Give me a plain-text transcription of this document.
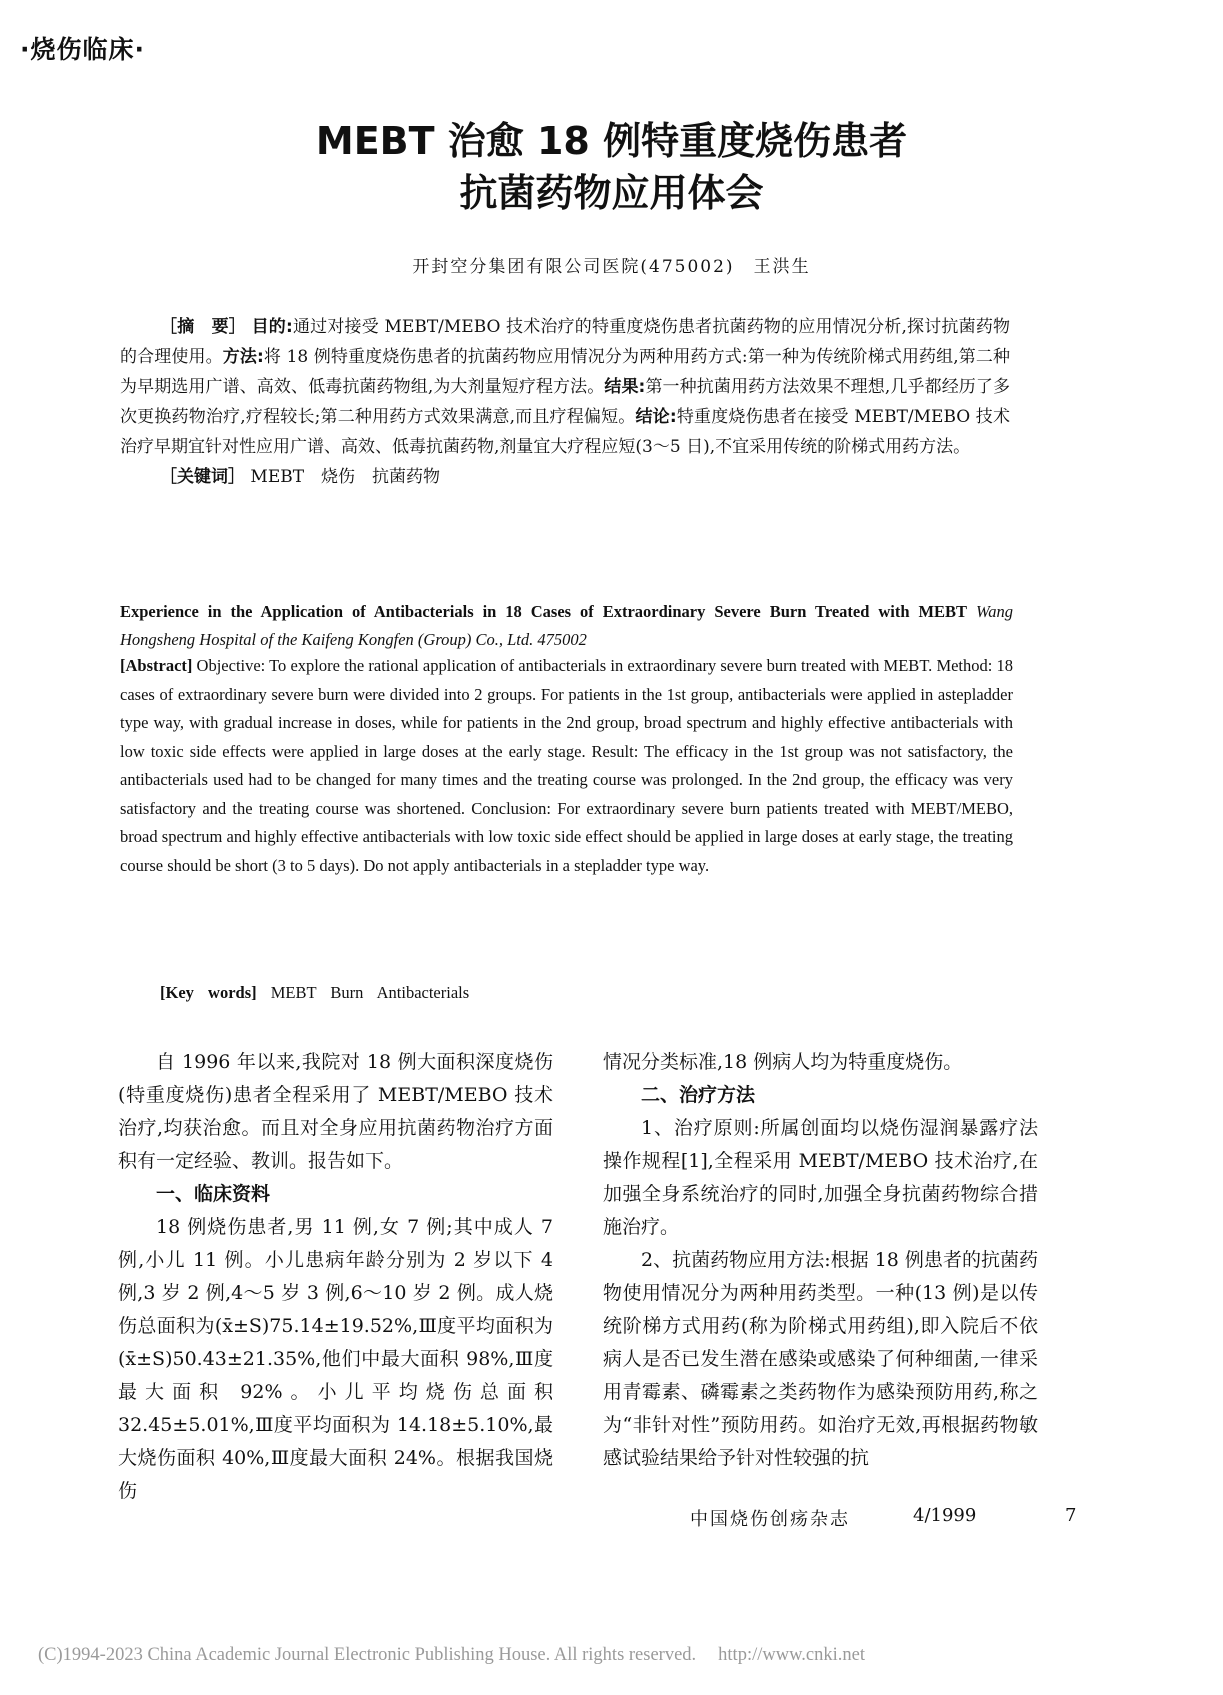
·烧伤临床·
MEBT 治愈 18 例特重度烧伤患者
抗菌药物应用体会
开封空分集团有限公司医院(475002)　王洪生

［摘　要］ 目的:通过对接受 MEBT/MEBO 技术治疗的特重度烧伤患者抗菌药物的应用情况分析,探讨抗菌药物的合理使用。方法:将 18 例特重度烧伤患者的抗菌药物应用情况分为两种用药方式:第一种为传统阶梯式用药组,第二种为早期选用广谱、高效、低毒抗菌药物组,为大剂量短疗程方法。结果:第一种抗菌用药方法效果不理想,几乎都经历了多次更换药物治疗,疗程较长;第二种用药方式效果满意,而且疗程偏短。结论:特重度烧伤患者在接受 MEBT/MEBO 技术治疗早期宜针对性应用广谱、高效、低毒抗菌药物,剂量宜大疗程应短(3～5 日),不宜采用传统的阶梯式用药方法。

［关键词］ MEBT　烧伤　抗菌药物

Experience in the Application of Antibacterials in 18 Cases of Extraordinary Severe Burn Treated with MEBT Wang Hongsheng Hospital of the Kaifeng Kongfen (Group) Co., Ltd. 475002
[Abstract] Objective: To explore the rational application of antibacterials in extraordinary severe burn treated with MEBT. Method: 18 cases of extraordinary severe burn were divided into 2 groups. For patients in the 1st group, antibacterials were applied in astepladder type way, with gradual increase in doses, while for patients in the 2nd group, broad spectrum and highly effective antibacterials with low toxic side effects were applied in large doses at the early stage. Result: The efficacy in the 1st group was not satisfactory, the antibacterials used had to be changed for many times and the treating course was prolonged. In the 2nd group, the efficacy was very satisfactory and the treating course was shortened. Conclusion: For extraordinary severe burn patients treated with MEBT/MEBO, broad spectrum and highly effective antibacterials with low toxic side effect should be applied in large doses at early stage, the treating course should be short (3 to 5 days). Do not apply antibacterials in a stepladder type way.
[Key words] MEBT Burn Antibacterials

自 1996 年以来,我院对 18 例大面积深度烧伤(特重度烧伤)患者全程采用了 MEBT/MEBO 技术治疗,均获治愈。而且对全身应用抗菌药物治疗方面积有一定经验、教训。报告如下。

一、临床资料

18 例烧伤患者,男 11 例,女 7 例;其中成人 7 例,小儿 11 例。小儿患病年龄分别为 2 岁以下 4 例,3 岁 2 例,4～5 岁 3 例,6～10 岁 2 例。成人烧伤总面积为(x̄±S)75.14±19.52%,Ⅲ度平均面积为(x̄±S)50.43±21.35%,他们中最大面积 98%,Ⅲ度最大面积 92%。小儿平均烧伤总面积 32.45±5.01%,Ⅲ度平均面积为 14.18±5.10%,最大烧伤面积 40%,Ⅲ度最大面积 24%。根据我国烧伤

情况分类标准,18 例病人均为特重度烧伤。

二、治疗方法

1、治疗原则:所属创面均以烧伤湿润暴露疗法操作规程[1],全程采用 MEBT/MEBO 技术治疗,在加强全身系统治疗的同时,加强全身抗菌药物综合措施治疗。

2、抗菌药物应用方法:根据 18 例患者的抗菌药物使用情况分为两种用药类型。一种(13 例)是以传统阶梯方式用药(称为阶梯式用药组),即入院后不依病人是否已发生潜在感染或感染了何种细菌,一律采用青霉素、磷霉素之类药物作为感染预防用药,称之为“非针对性”预防用药。如治疗无效,再根据药物敏感试验结果给予针对性较强的抗

中国烧伤创疡杂志	4/1999	7
(C)1994-2023 China Academic Journal Electronic Publishing House. All rights reserved. http://www.cnki.net
